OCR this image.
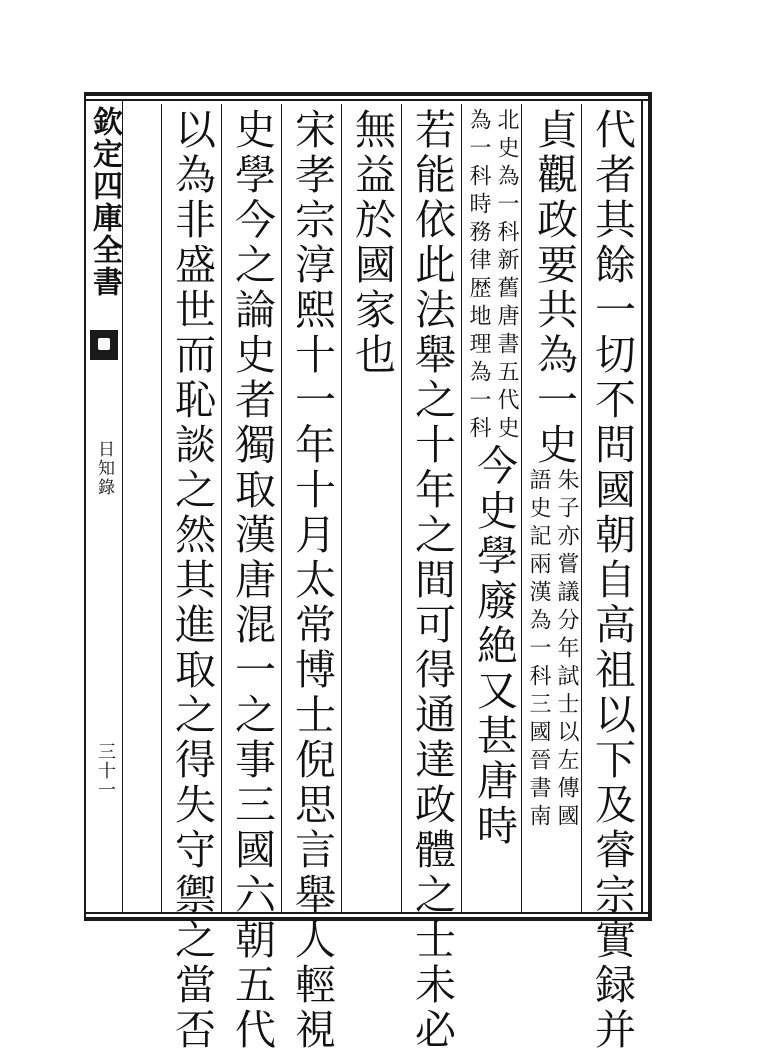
欽定四庫全書
日知錄
三十一	代者其餘一切不問國朝自高祖以下及睿宗實録并
貞觀政要共為一史
朱子亦嘗議分年試士以左傳國
語史記兩漢為一科三國晉書南
北史為一科新舊唐書五代史
為一科時務律歴地理為一科
今史學廢絶又甚唐時
若能依此法舉之十年之間可得通達政體之士未必
無益於國家也
宋孝宗淳熙十一年十月太常博士倪思言舉人輕視
史學今之論史者獨取漢唐混一之事三國六朝五代
以為非盛世而恥談之然其進取之得失守禦之當否
